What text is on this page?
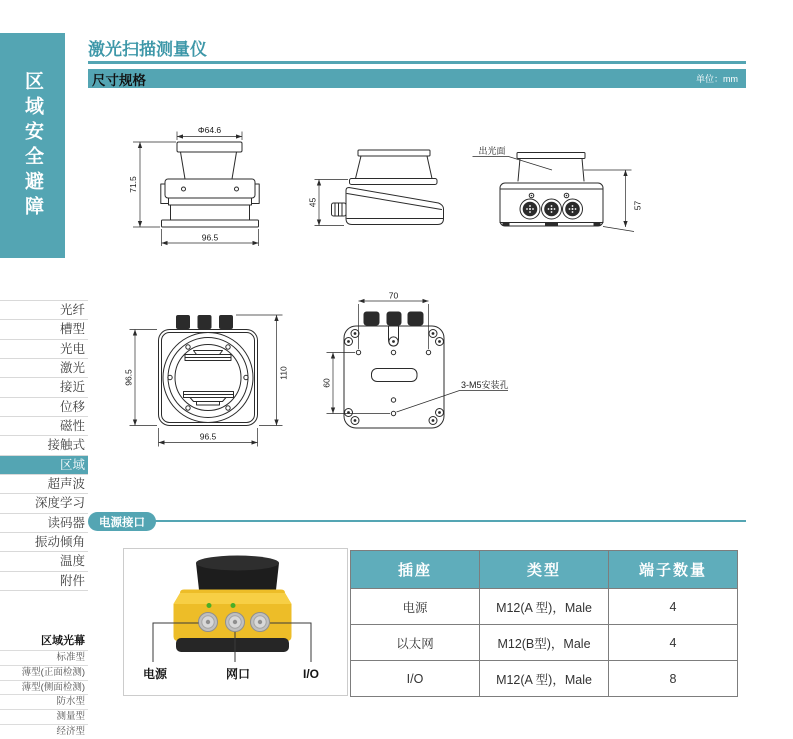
区域安全避障
光纤
槽型
光电
激光
接近
位移
磁性
接触式
区域
超声波
深度学习
读码器
振动倾角
温度
附件
区域光幕
标准型
薄型(正面检测)
薄型(侧面检测)
防水型
测量型
经济型
激光扫描测量仪
尺寸规格	单位：mm
Φ64.6
71.5
96.5
45
出光面
57
96.5	110
96.5
70
60	3-M5安装孔
电源接口
电源	网口	I/O
插座	类型	端子数量
电源	M12(A 型)，Male	4
以太网	M12(B型)，Male	4
I/O	M12(A 型)，Male	8
